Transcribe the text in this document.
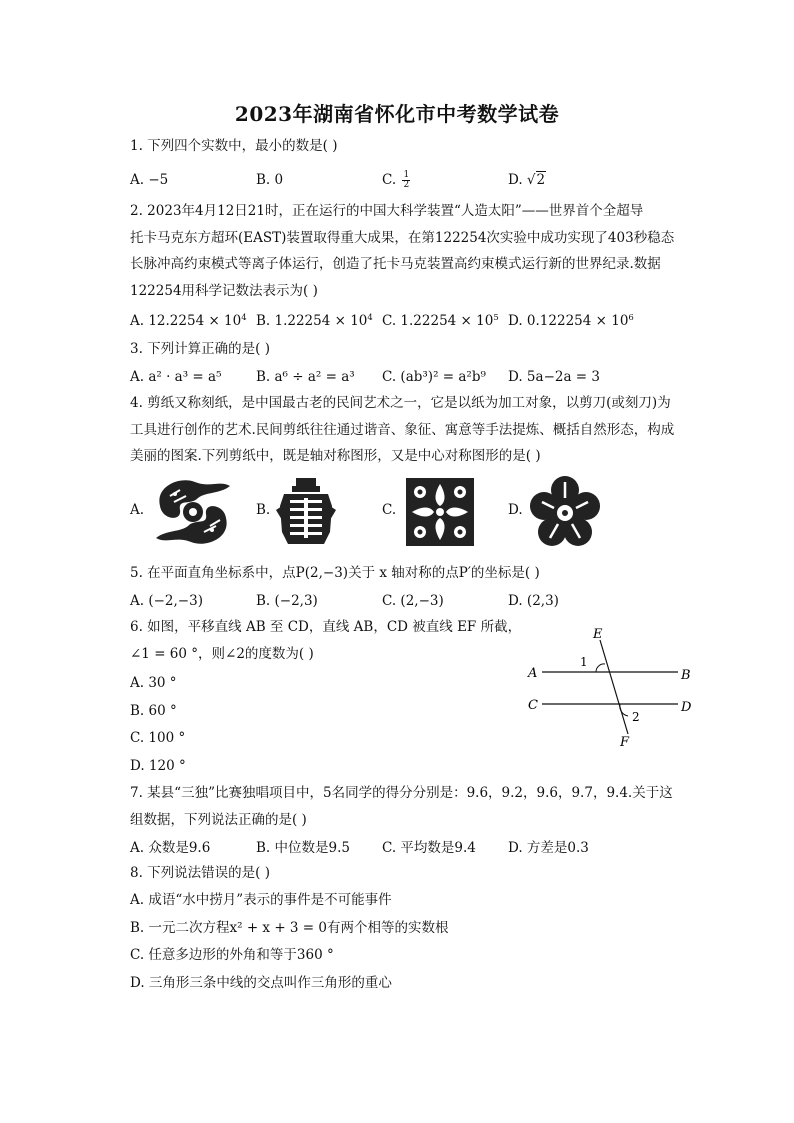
2023年湖南省怀化市中考数学试卷
1. 下列四个实数中，最小的数是( )
A. −5	B. 0	C. $\frac{1}{2}$	D. √2
2. 2023年4月12日21时，正在运行的中国大科学装置“人造太阳”——世界首个全超导
托卡马克东方超环(EAST)装置取得重大成果，在第122254次实验中成功实现了403秒稳态
长脉冲高约束模式等离子体运行，创造了托卡马克装置高约束模式运行新的世界纪录.数据
122254用科学记数法表示为( )
A. $12.2254 \times 10^4$ B. $1.22254 \times 10^4$ C. $1.22254 \times 10^5$ D. $0.122254 \times 10^6$
3. 下列计算正确的是( )
A. a² · a³ = a⁵	B. a⁶ ÷ a² = a³ C. (ab³)² = a²b⁹ D. 5a−2a = 3
4. 剪纸又称刻纸，是中国最古老的民间艺术之一，它是以纸为加工对象，以剪刀(或刻刀)为
工具进行创作的艺术.民间剪纸往往通过谐音、象征、寓意等手法提炼、概括自然形态，构成
美丽的图案.下列剪纸中，既是轴对称图形，又是中心对称图形的是( )
A.	B.	C.	D.
5. 在平面直角坐标系中，点P(2,−3)关于 x 轴对称的点P′的坐标是( )
A. (−2,−3)	B. (−2,3)	C. (2,−3)	D. (2,3)
6. 如图，平移直线 AB 至 CD，直线 AB，CD 被直线 EF 所截，
∠1 = 60 °，则∠2的度数为( )
A. 30 °
B. 60 °
C. 100 °
D. 120 °
E
F
A	B
C	D
1
2
7. 某县“三独”比赛独唱项目中，5名同学的得分分别是：9.6，9.2，9.6，9.7，9.4.关于这
组数据，下列说法正确的是( )
A. 众数是9.6	B. 中位数是9.5 C. 平均数是9.4 D. 方差是0.3
8. 下列说法错误的是( )
A. 成语“水中捞月”表示的事件是不可能事件
B. 一元二次方程x² + x + 3 = 0有两个相等的实数根
C. 任意多边形的外角和等于360 °
D. 三角形三条中线的交点叫作三角形的重心
